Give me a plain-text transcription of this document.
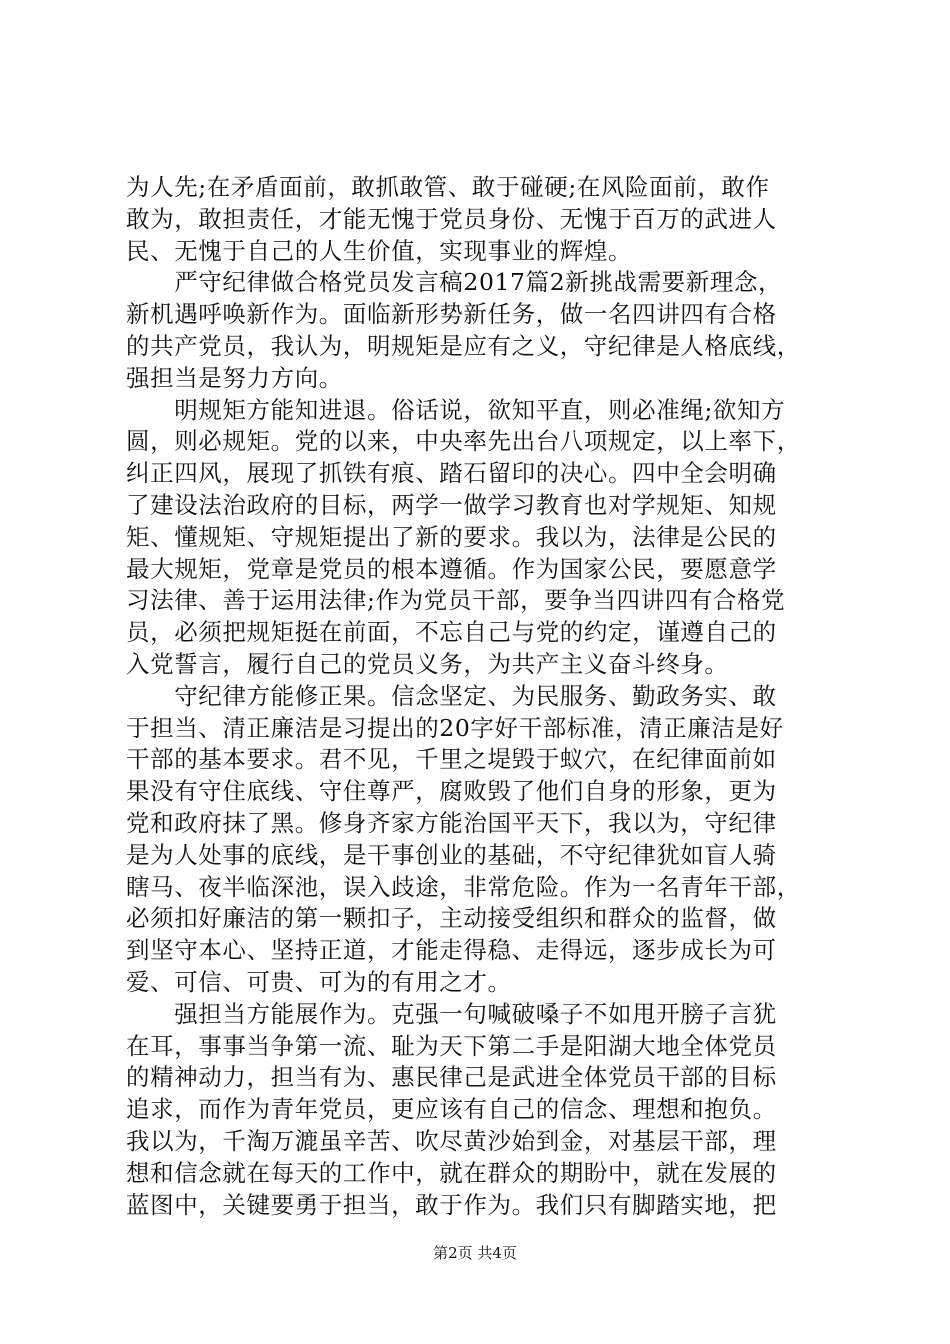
为人先;在矛盾面前，敢抓敢管、敢于碰硬;在风险面前，敢作
敢为，敢担责任，才能无愧于党员身份、无愧于百万的武进人
民、无愧于自己的人生价值，实现事业的辉煌。
　　严守纪律做合格党员发言稿2017篇2新挑战需要新理念，
新机遇呼唤新作为。面临新形势新任务，做一名四讲四有合格
的共产党员，我认为，明规矩是应有之义，守纪律是人格底线，
强担当是努力方向。
　　明规矩方能知进退。俗话说，欲知平直，则必准绳;欲知方
圆，则必规矩。党的以来，中央率先出台八项规定，以上率下，
纠正四风，展现了抓铁有痕、踏石留印的决心。四中全会明确
了建设法治政府的目标，两学一做学习教育也对学规矩、知规
矩、懂规矩、守规矩提出了新的要求。我以为，法律是公民的
最大规矩，党章是党员的根本遵循。作为国家公民，要愿意学
习法律、善于运用法律;作为党员干部，要争当四讲四有合格党
员，必须把规矩挺在前面，不忘自己与党的约定，谨遵自己的
入党誓言，履行自己的党员义务，为共产主义奋斗终身。
　　守纪律方能修正果。信念坚定、为民服务、勤政务实、敢
于担当、清正廉洁是习提出的20字好干部标准，清正廉洁是好
干部的基本要求。君不见，千里之堤毁于蚁穴，在纪律面前如
果没有守住底线、守住尊严，腐败毁了他们自身的形象，更为
党和政府抹了黑。修身齐家方能治国平天下，我以为，守纪律
是为人处事的底线，是干事创业的基础，不守纪律犹如盲人骑
瞎马、夜半临深池，误入歧途，非常危险。作为一名青年干部，
必须扣好廉洁的第一颗扣子，主动接受组织和群众的监督，做
到坚守本心、坚持正道，才能走得稳、走得远，逐步成长为可
爱、可信、可贵、可为的有用之才。
　　强担当方能展作为。克强一句喊破嗓子不如甩开膀子言犹
在耳，事事当争第一流、耻为天下第二手是阳湖大地全体党员
的精神动力，担当有为、惠民律己是武进全体党员干部的目标
追求，而作为青年党员，更应该有自己的信念、理想和抱负。
我以为，千淘万漉虽辛苦、吹尽黄沙始到金，对基层干部，理
想和信念就在每天的工作中，就在群众的期盼中，就在发展的
蓝图中，关键要勇于担当，敢于作为。我们只有脚踏实地，把
第2页 共4页
